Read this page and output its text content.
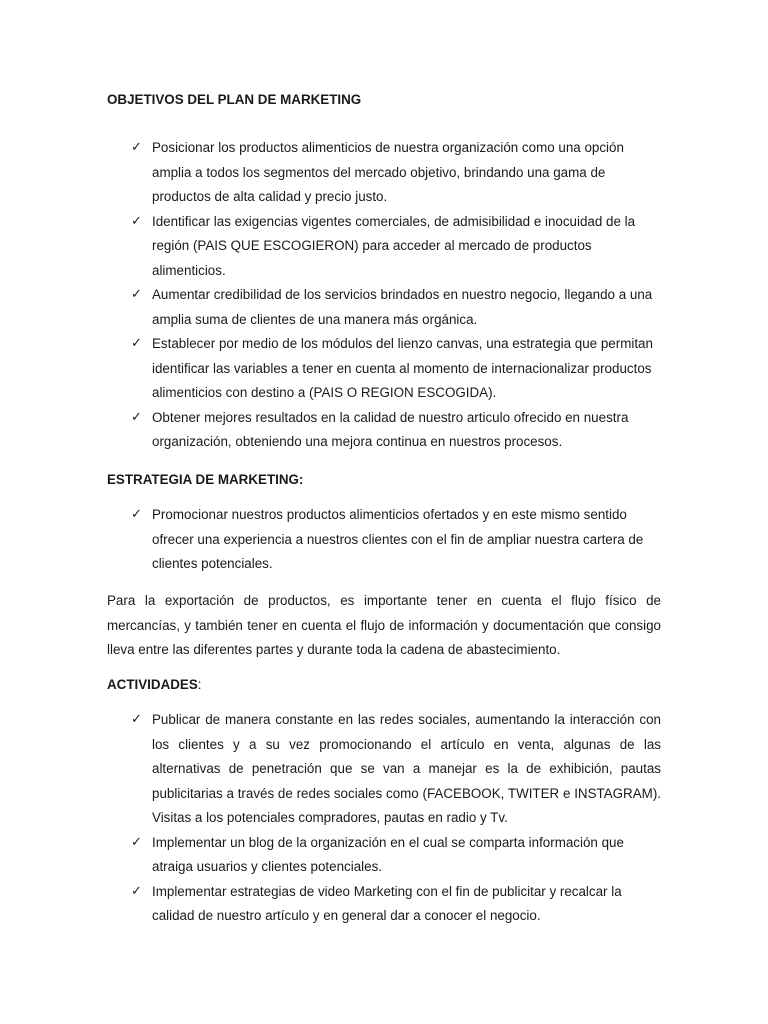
OBJETIVOS DEL PLAN DE MARKETING
✓ Posicionar los productos alimenticios de nuestra organización como una opción amplia a todos los segmentos del mercado objetivo, brindando una gama de productos de alta calidad y precio justo.
✓ Identificar las exigencias vigentes comerciales, de admisibilidad e inocuidad de la región (PAIS QUE ESCOGIERON) para acceder al mercado de productos alimenticios.
✓ Aumentar credibilidad de los servicios brindados en nuestro negocio, llegando a una amplia suma de clientes de una manera más orgánica.
✓ Establecer por medio de los módulos del lienzo canvas, una estrategia que permitan identificar las variables a tener en cuenta al momento de internacionalizar productos alimenticios con destino a (PAIS O REGION ESCOGIDA).
✓ Obtener mejores resultados en la calidad de nuestro articulo ofrecido en nuestra organización, obteniendo una mejora continua en nuestros procesos.
ESTRATEGIA DE MARKETING:
✓ Promocionar nuestros productos alimenticios ofertados y en este mismo sentido ofrecer una experiencia a nuestros clientes con el fin de ampliar nuestra cartera de clientes potenciales.

Para la exportación de productos, es importante tener en cuenta el flujo físico de mercancías, y también tener en cuenta el flujo de información y documentación que consigo lleva entre las diferentes partes y durante toda la cadena de abastecimiento.

ACTIVIDADES:
✓ Publicar de manera constante en las redes sociales, aumentando la interacción con los clientes y a su vez promocionando el artículo en venta, algunas de las alternativas de penetración que se van a manejar es la de exhibición, pautas publicitarias a través de redes sociales como (FACEBOOK, TWITER e INSTAGRAM). Visitas a los potenciales compradores, pautas en radio y Tv.
✓ Implementar un blog de la organización en el cual se comparta información que atraiga usuarios y clientes potenciales.
✓ Implementar estrategias de video Marketing con el fin de publicitar y recalcar la calidad de nuestro artículo y en general dar a conocer el negocio.
